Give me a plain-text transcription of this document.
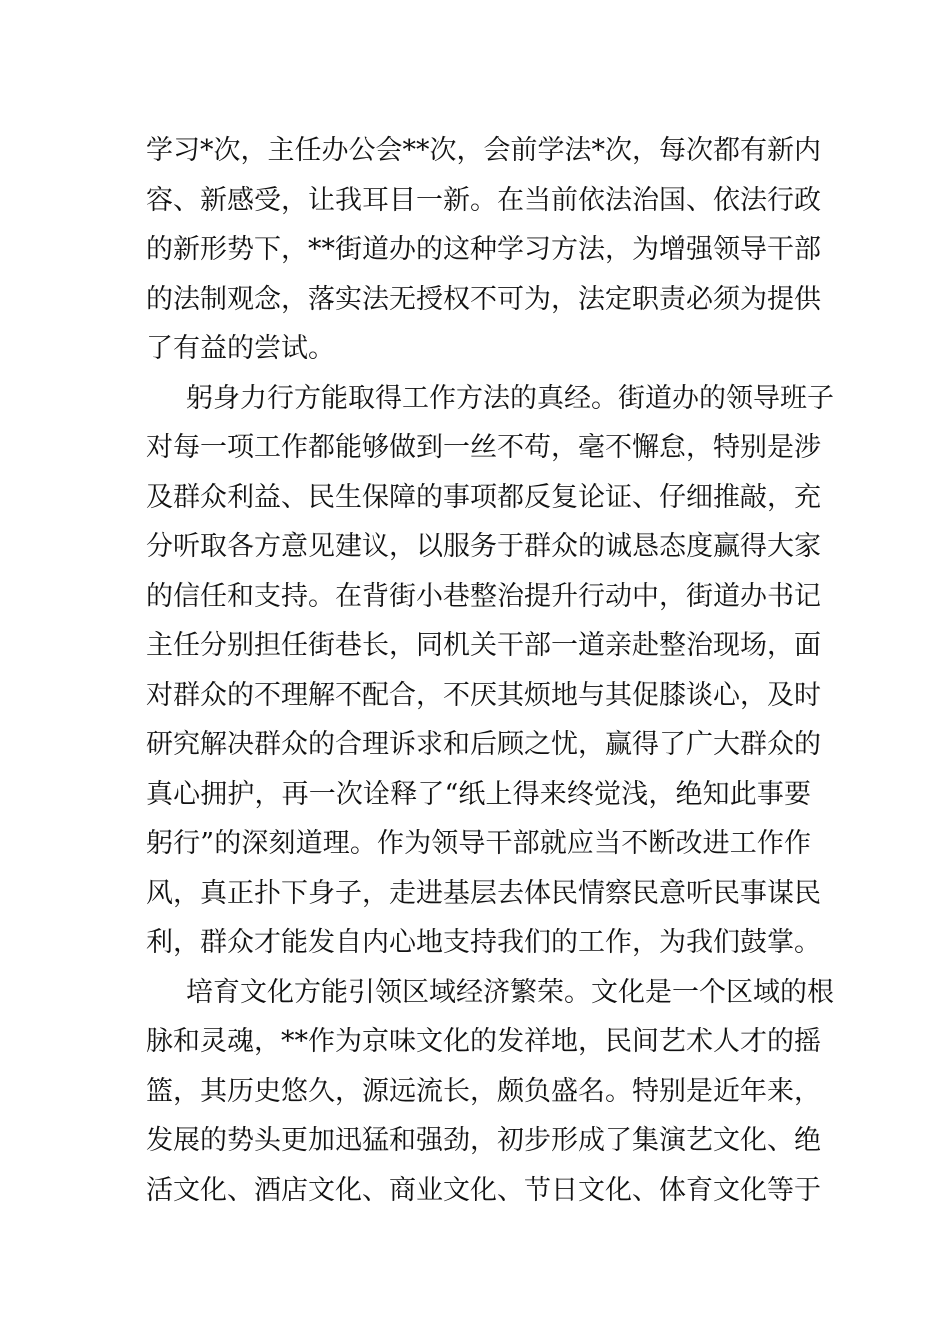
学习*次，主任办公会**次，会前学法*次，每次都有新内
容、新感受，让我耳目一新。在当前依法治国、依法行政
的新形势下，**街道办的这种学习方法，为增强领导干部
的法制观念，落实法无授权不可为，法定职责必须为提供
了有益的尝试。
躬身力行方能取得工作方法的真经。街道办的领导班子
对每一项工作都能够做到一丝不苟，毫不懈怠，特别是涉
及群众利益、民生保障的事项都反复论证、仔细推敲，充
分听取各方意见建议，以服务于群众的诚恳态度赢得大家
的信任和支持。在背街小巷整治提升行动中，街道办书记
主任分别担任街巷长，同机关干部一道亲赴整治现场，面
对群众的不理解不配合，不厌其烦地与其促膝谈心，及时
研究解决群众的合理诉求和后顾之忧，赢得了广大群众的
真心拥护，再一次诠释了“纸上得来终觉浅，绝知此事要
躬行”的深刻道理。作为领导干部就应当不断改进工作作
风，真正扑下身子，走进基层去体民情察民意听民事谋民
利，群众才能发自内心地支持我们的工作，为我们鼓掌。
培育文化方能引领区域经济繁荣。文化是一个区域的根
脉和灵魂，**作为京味文化的发祥地，民间艺术人才的摇
篮，其历史悠久，源远流长，颇负盛名。特别是近年来，
发展的势头更加迅猛和强劲，初步形成了集演艺文化、绝
活文化、酒店文化、商业文化、节日文化、体育文化等于
